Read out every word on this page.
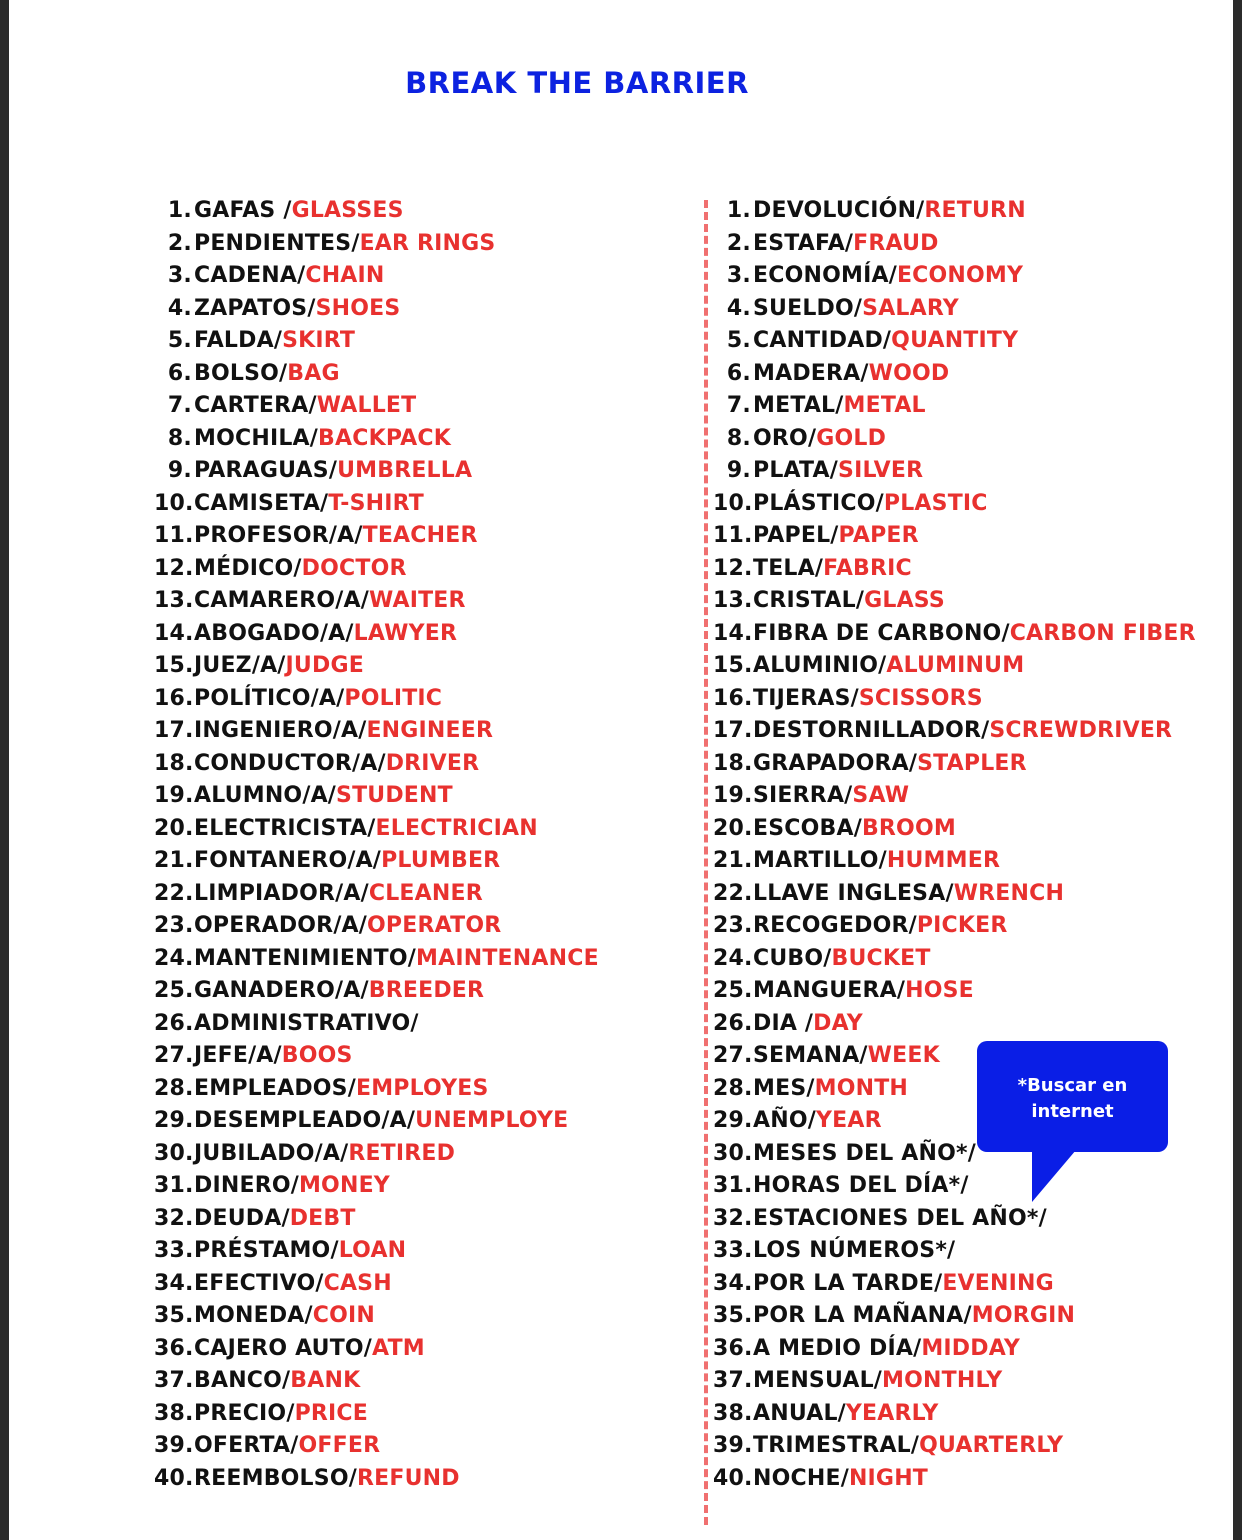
BREAK THE BARRIER
1.GAFAS /GLASSES
2.PENDIENTES/EAR RINGS
3.CADENA/CHAIN
4.ZAPATOS/SHOES
5.FALDA/SKIRT
6.BOLSO/BAG
7.CARTERA/WALLET
8.MOCHILA/BACKPACK
9.PARAGUAS/UMBRELLA
10.CAMISETA/T-SHIRT
11.PROFESOR/A/TEACHER
12.MÉDICO/DOCTOR
13.CAMARERO/A/WAITER
14.ABOGADO/A/LAWYER
15.JUEZ/A/JUDGE
16.POLÍTICO/A/POLITIC
17.INGENIERO/A/ENGINEER
18.CONDUCTOR/A/DRIVER
19.ALUMNO/A/STUDENT
20.ELECTRICISTA/ELECTRICIAN
21.FONTANERO/A/PLUMBER
22.LIMPIADOR/A/CLEANER
23.OPERADOR/A/OPERATOR
24.MANTENIMIENTO/MAINTENANCE
25.GANADERO/A/BREEDER
26.ADMINISTRATIVO/
27.JEFE/A/BOOS
28.EMPLEADOS/EMPLOYES
29.DESEMPLEADO/A/UNEMPLOYE
30.JUBILADO/A/RETIRED
31.DINERO/MONEY
32.DEUDA/DEBT
33.PRÉSTAMO/LOAN
34.EFECTIVO/CASH
35.MONEDA/COIN
36.CAJERO AUTO/ATM
37.BANCO/BANK
38.PRECIO/PRICE
39.OFERTA/OFFER
40.REEMBOLSO/REFUND
1.DEVOLUCIÓN/RETURN
2.ESTAFA/FRAUD
3.ECONOMÍA/ECONOMY
4.SUELDO/SALARY
5.CANTIDAD/QUANTITY
6.MADERA/WOOD
7.METAL/METAL
8.ORO/GOLD
9.PLATA/SILVER
10.PLÁSTICO/PLASTIC
11.PAPEL/PAPER
12.TELA/FABRIC
13.CRISTAL/GLASS
14.FIBRA DE CARBONO/CARBON FIBER
15.ALUMINIO/ALUMINUM
16.TIJERAS/SCISSORS
17.DESTORNILLADOR/SCREWDRIVER
18.GRAPADORA/STAPLER
19.SIERRA/SAW
20.ESCOBA/BROOM
21.MARTILLO/HUMMER
22.LLAVE INGLESA/WRENCH
23.RECOGEDOR/PICKER
24.CUBO/BUCKET
25.MANGUERA/HOSE
26.DIA /DAY
27.SEMANA/WEEK
28.MES/MONTH
29.AÑO/YEAR
30.MESES DEL AÑO*/
31.HORAS DEL DÍA*/
32.ESTACIONES DEL AÑO*/
33.LOS NÚMEROS*/
34.POR LA TARDE/EVENING
35.POR LA MAÑANA/MORGIN
36.A MEDIO DÍA/MIDDAY
37.MENSUAL/MONTHLY
38.ANUAL/YEARLY
39.TRIMESTRAL/QUARTERLY
40.NOCHE/NIGHT
*Buscar en
internet
